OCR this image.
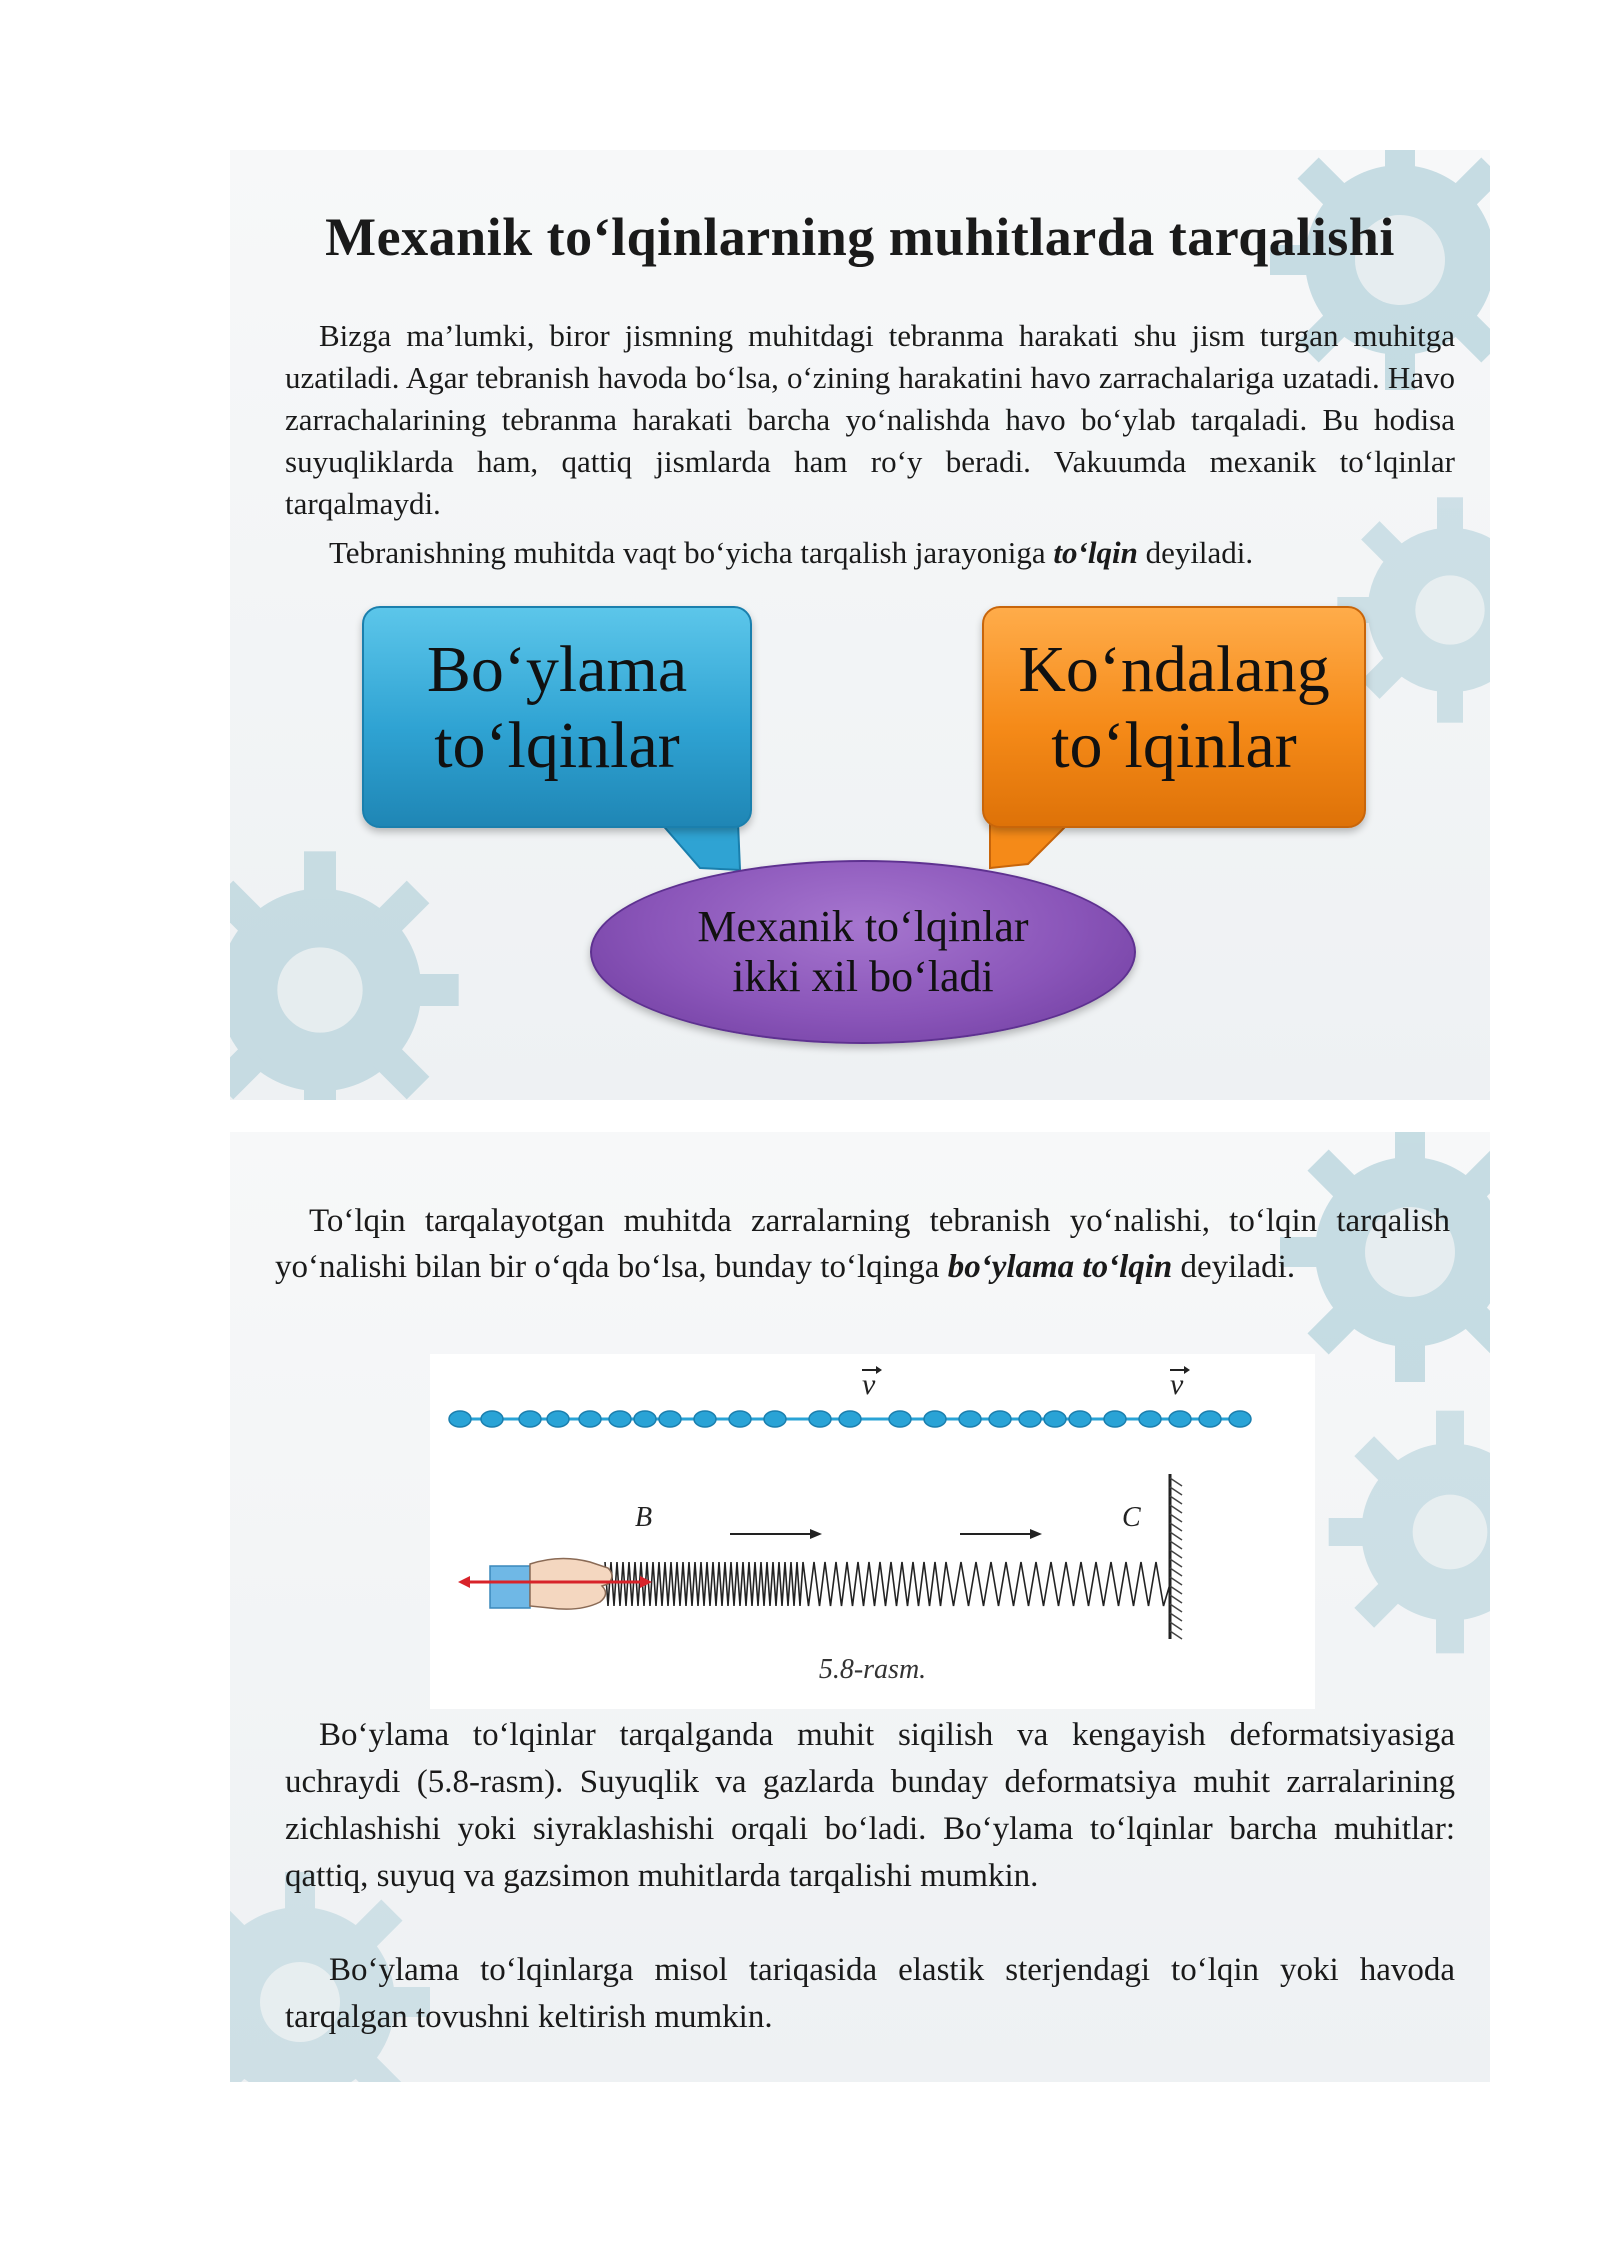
Mexanik to‘lqinlarning muhitlarda tarqalishi

Bizga ma’lumki, biror jismning muhitdagi tebranma harakati shu jism turgan muhitga uzatiladi. Agar tebranish havoda bo‘lsa, o‘zining harakatini havo zarrachalariga uzatadi. Havo zarrachalarining tebranma harakati barcha yo‘nalishda havo bo‘ylab tarqaladi. Bu hodisa suyuqliklarda ham, qattiq jismlarda ham ro‘y beradi. Vakuumda mexanik to‘lqinlar tarqalmaydi.

Tebranishning muhitda vaqt bo‘yicha tarqalish jarayoniga to‘lqin deyiladi.

Bo‘ylama
to‘lqinlar
Ko‘ndalang
to‘lqinlar
Mexanik to‘lqinlar
ikki xil bo‘ladi

To‘lqin tarqalayotgan muhitda zarralarning tebranish yo‘nalishi, to‘lqin tarqalish yo‘nalishi bilan bir o‘qda bo‘lsa, bunday to‘lqinga bo‘ylama to‘lqin deyiladi.

v	v
B	C
5.8-rasm.

Bo‘ylama to‘lqinlar tarqalganda muhit siqilish va kengayish deformatsiyasiga uchraydi (5.8-rasm). Suyuqlik va gazlarda bunday deformatsiya muhit zarralarining zichlashishi yoki siyraklashishi orqali bo‘ladi. Bo‘ylama to‘lqinlar barcha muhitlar: qattiq, suyuq va gazsimon muhitlarda tarqalishi mumkin.

Bo‘ylama to‘lqinlarga misol tariqasida elastik sterjendagi to‘lqin yoki havoda tarqalgan tovushni keltirish mumkin.
